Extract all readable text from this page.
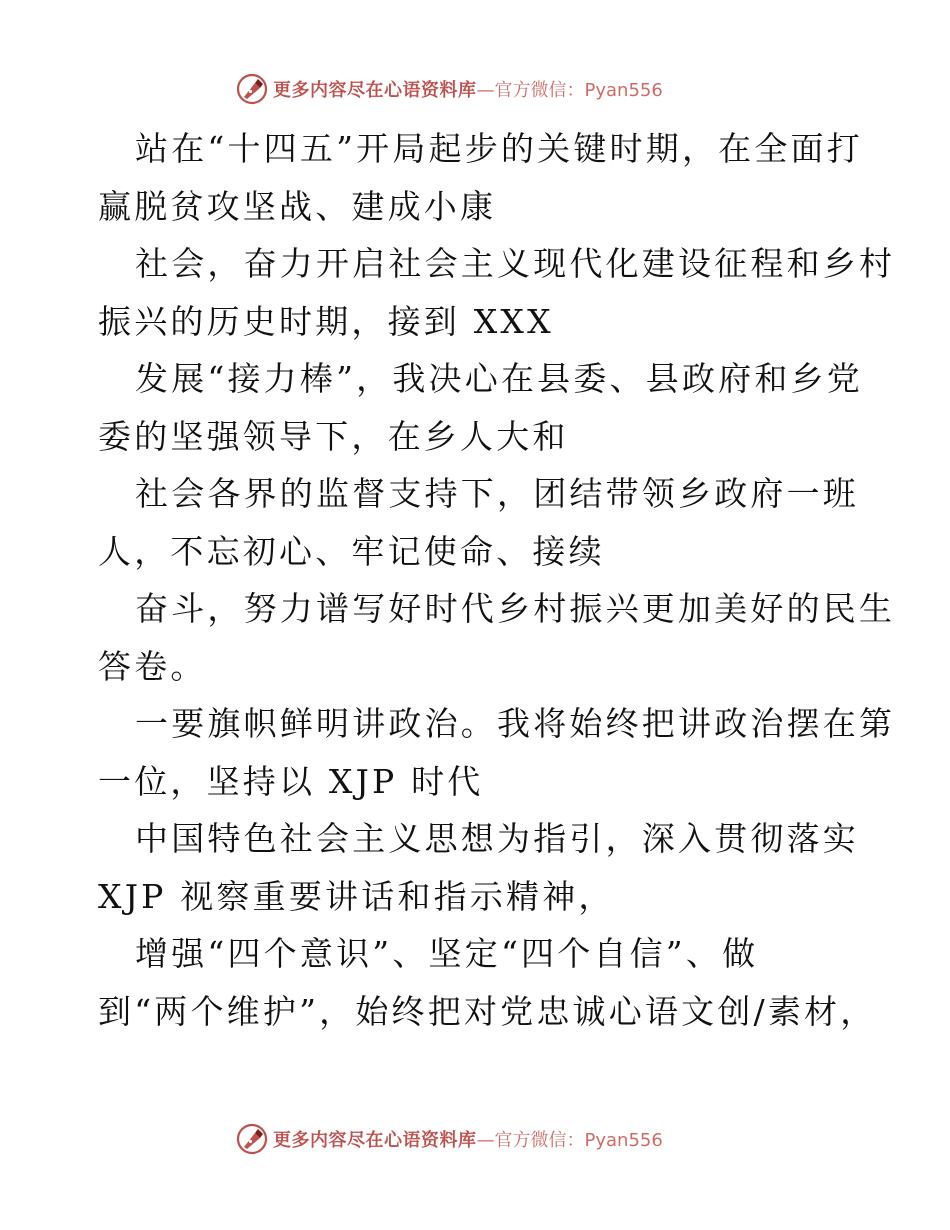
更多内容尽在心语资料库 —官方微信：Pyan556
站在“十四五”开局起步的关键时期，在全面打
赢脱贫攻坚战、建成小康
社会，奋力开启社会主义现代化建设征程和乡村
振兴的历史时期，接到 XXX
发展“接力棒”，我决心在县委、县政府和乡党
委的坚强领导下，在乡人大和
社会各界的监督支持下，团结带领乡政府一班
人，不忘初心、牢记使命、接续
奋斗，努力谱写好时代乡村振兴更加美好的民生
答卷。
一要旗帜鲜明讲政治。我将始终把讲政治摆在第
一位，坚持以 XJP 时代
中国特色社会主义思想为指引，深入贯彻落实
XJP 视察重要讲话和指示精神，
增强“四个意识”、坚定“四个自信”、做
到“两个维护”，始终把对党忠诚心语文创/素材，
更多内容尽在心语资料库 —官方微信：Pyan556
